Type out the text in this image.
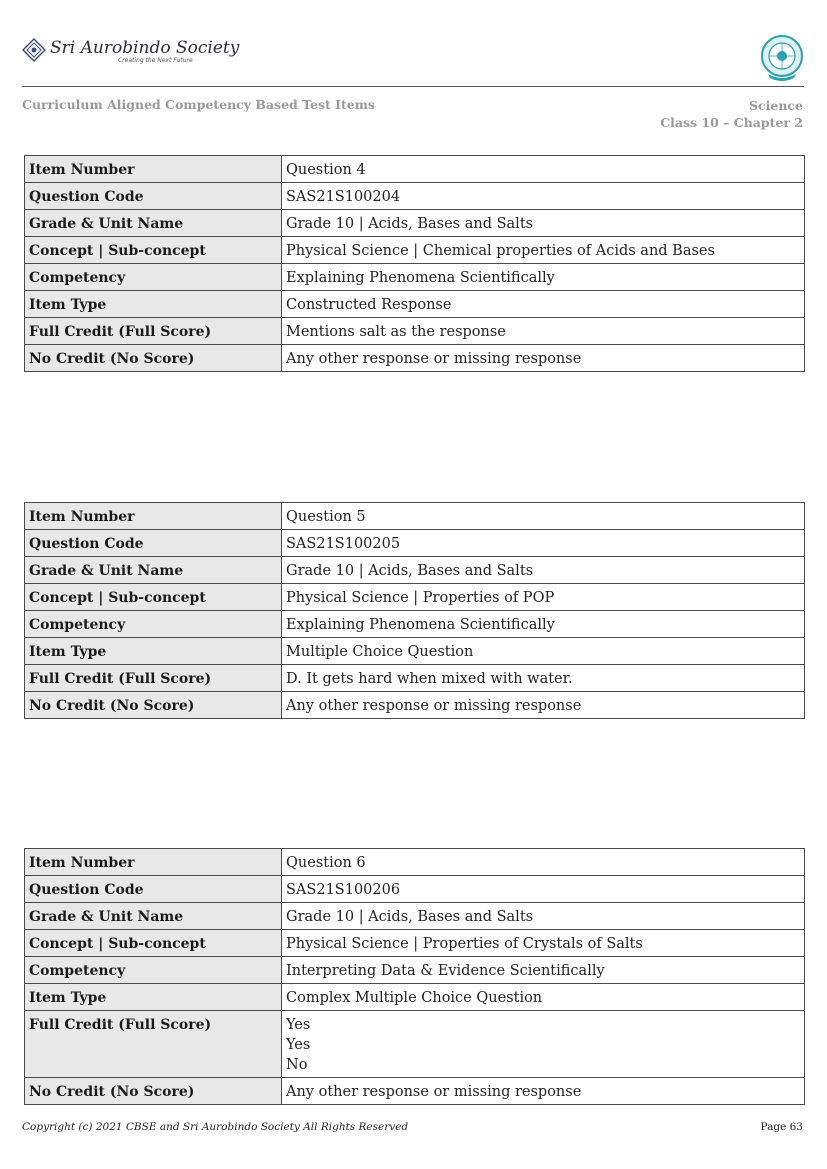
Sri Aurobindo Society
Creating the Next Future
Curriculum Aligned Competency Based Test Items	Science
Class 10 – Chapter 2
Item Number	Question 4
Question Code	SAS21S100204
Grade & Unit Name	Grade 10 | Acids, Bases and Salts
Concept | Sub-concept	Physical Science | Chemical properties of Acids and Bases
Competency	Explaining Phenomena Scientifically
Item Type	Constructed Response
Full Credit (Full Score)	Mentions salt as the response
No Credit (No Score)	Any other response or missing response
Item Number	Question 5
Question Code	SAS21S100205
Grade & Unit Name	Grade 10 | Acids, Bases and Salts
Concept | Sub-concept	Physical Science | Properties of POP
Competency	Explaining Phenomena Scientifically
Item Type	Multiple Choice Question
Full Credit (Full Score)	D. It gets hard when mixed with water.
No Credit (No Score)	Any other response or missing response
Item Number	Question 6
Question Code	SAS21S100206
Grade & Unit Name	Grade 10 | Acids, Bases and Salts
Concept | Sub-concept	Physical Science | Properties of Crystals of Salts
Competency	Interpreting Data & Evidence Scientifically
Item Type	Complex Multiple Choice Question
Full Credit (Full Score)	Yes
Yes
No

No Credit (No Score)	Any other response or missing response
Copyright (c) 2021 CBSE and Sri Aurobindo Society All Rights Reserved	Page 63
